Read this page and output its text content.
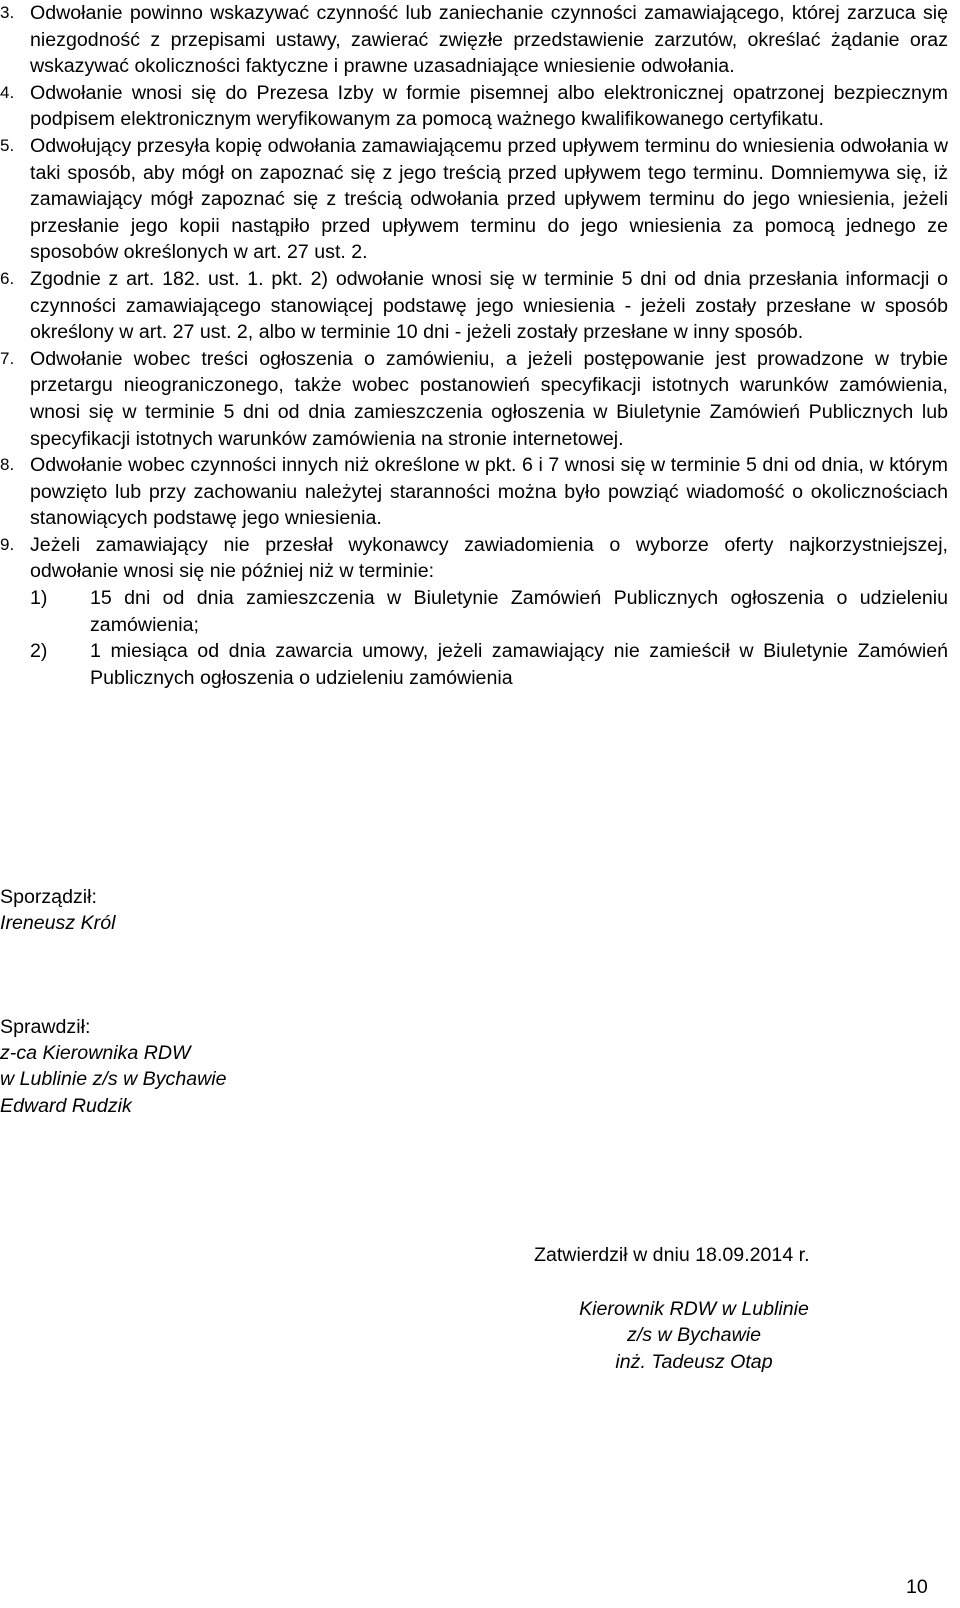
3. Odwołanie powinno wskazywać czynność lub zaniechanie czynności zamawiającego, której zarzuca się niezgodność z przepisami ustawy, zawierać zwięzłe przedstawienie zarzutów, określać żądanie oraz wskazywać okoliczności faktyczne i prawne uzasadniające wniesienie odwołania.
4. Odwołanie wnosi się do Prezesa Izby w formie pisemnej albo elektronicznej opatrzonej bezpiecznym podpisem elektronicznym weryfikowanym za pomocą ważnego kwalifikowanego certyfikatu.
5. Odwołujący przesyła kopię odwołania zamawiającemu przed upływem terminu do wniesienia odwołania w taki sposób, aby mógł on zapoznać się z jego treścią przed upływem tego terminu. Domniemywa się, iż zamawiający mógł zapoznać się z treścią odwołania przed upływem terminu do jego wniesienia, jeżeli przesłanie jego kopii nastąpiło przed upływem terminu do jego wniesienia za pomocą jednego ze sposobów określonych w art. 27 ust. 2.
6. Zgodnie z art. 182. ust. 1. pkt. 2) odwołanie wnosi się w terminie 5 dni od dnia przesłania informacji o czynności zamawiającego stanowiącej podstawę jego wniesienia - jeżeli zostały przesłane w sposób określony w art. 27 ust. 2, albo w terminie 10 dni - jeżeli zostały przesłane w inny sposób.
7. Odwołanie wobec treści ogłoszenia o zamówieniu, a jeżeli postępowanie jest prowadzone w trybie przetargu nieograniczonego, także wobec postanowień specyfikacji istotnych warunków zamówienia, wnosi się w terminie 5 dni od dnia zamieszczenia ogłoszenia w Biuletynie Zamówień Publicznych lub specyfikacji istotnych warunków zamówienia na stronie internetowej.
8. Odwołanie wobec czynności innych niż określone w pkt. 6 i 7 wnosi się w terminie 5 dni od dnia, w którym powzięto lub przy zachowaniu należytej staranności można było powziąć wiadomość o okolicznościach stanowiących podstawę jego wniesienia.
9. Jeżeli zamawiający nie przesłał wykonawcy zawiadomienia o wyborze oferty najkorzystniejszej, odwołanie wnosi się nie później niż w terminie:
1) 15 dni od dnia zamieszczenia w Biuletynie Zamówień Publicznych ogłoszenia o udzieleniu zamówienia;
2) 1 miesiąca od dnia zawarcia umowy, jeżeli zamawiający nie zamieścił w Biuletynie Zamówień Publicznych ogłoszenia o udzieleniu zamówienia
Sporządził:
Ireneusz Król
Sprawdził:
z-ca Kierownika RDW
w Lublinie z/s w Bychawie
Edward Rudzik
Zatwierdził w dniu 18.09.2014 r.
Kierownik RDW w Lublinie
z/s w Bychawie
inż. Tadeusz Otap
10
